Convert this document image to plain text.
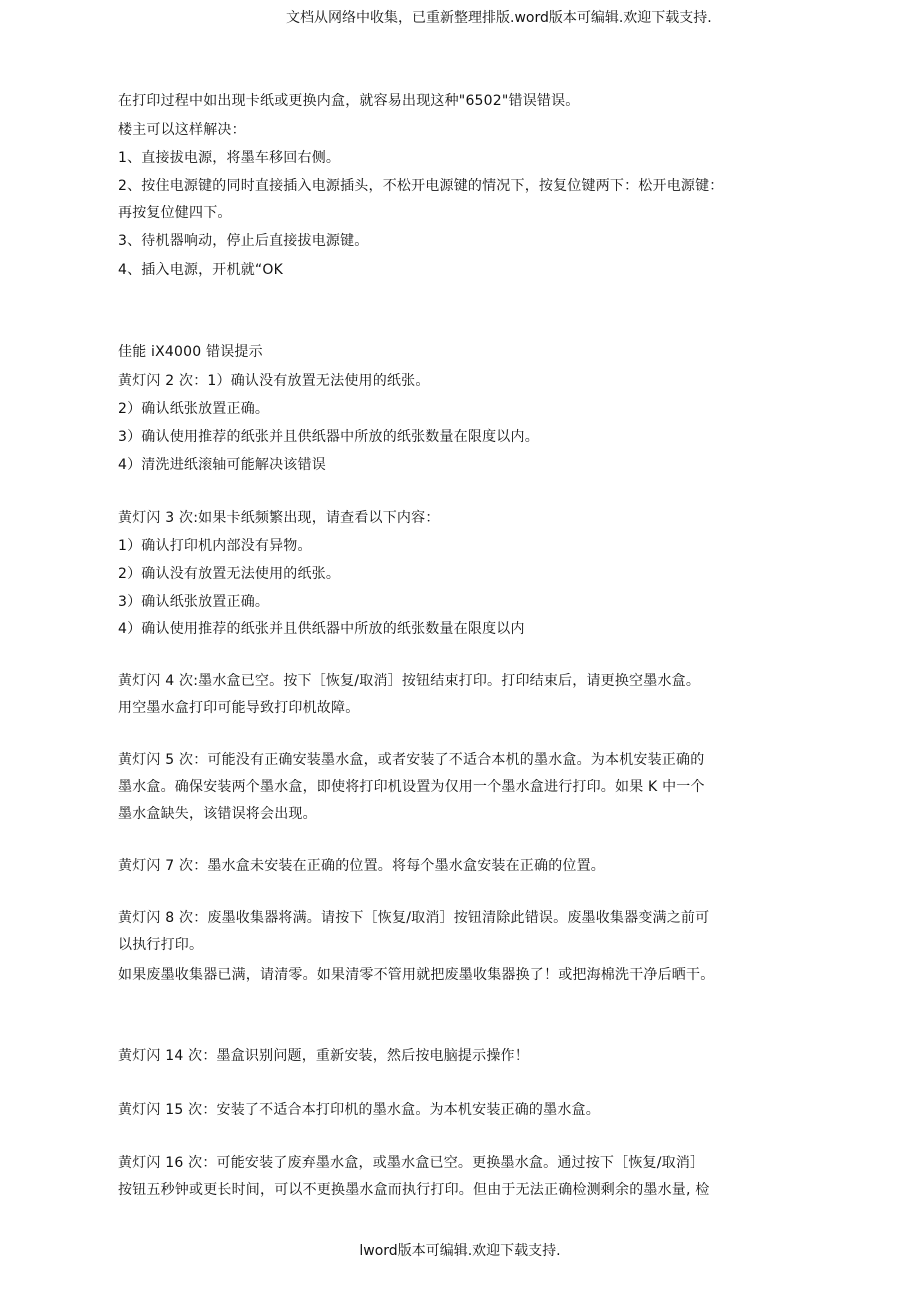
文档从网络中收集，已重新整理排版.word版本可编辑.欢迎下载支持.
在打印过程中如出现卡纸或更换内盒，就容易出现这种"6502"错误错误。
楼主可以这样解决：
1、直接拔电源，将墨车移回右侧。
2、按住电源键的同时直接插入电源插头，不松开电源键的情况下，按复位键两下：松开电源键：
再按复位健四下。
3、待机器响动，停止后直接拔电源键。
4、插入电源，开机就“OK
佳能 iX4000 错误提示
黄灯闪 2 次：1）确认没有放置无法使用的纸张。
2）确认纸张放置正确。
3）确认使用推荐的纸张并且供纸器中所放的纸张数量在限度以内。
4）清洗进纸滚轴可能解决该错误
黄灯闪 3 次:如果卡纸频繁出现，请查看以下内容：
1）确认打印机内部没有异物。
2）确认没有放置无法使用的纸张。
3）确认纸张放置正确。
4）确认使用推荐的纸张并且供纸器中所放的纸张数量在限度以内
黄灯闪 4 次:墨水盒已空。按下［恢复/取消］按钮结束打印。打印结束后，请更换空墨水盒。
用空墨水盒打印可能导致打印机故障。
黄灯闪 5 次：可能没有正确安装墨水盒，或者安装了不适合本机的墨水盒。为本机安装正确的
墨水盒。确保安装两个墨水盒，即使将打印机设置为仅用一个墨水盒进行打印。如果 K 中一个
墨水盒缺失，该错误将会出现。
黄灯闪 7 次：墨水盒未安装在正确的位置。将每个墨水盒安装在正确的位置。
黄灯闪 8 次：废墨收集器将满。请按下［恢复/取消］按钮清除此错误。废墨收集器变满之前可
以执行打印。
如果废墨收集器已满，请清零。如果清零不管用就把废墨收集器换了！或把海棉洗干净后晒干。
黄灯闪 14 次：墨盒识别问题，重新安装，然后按电脑提示操作！
黄灯闪 15 次：安装了不适合本打印机的墨水盒。为本机安装正确的墨水盒。
黄灯闪 16 次：可能安装了废弃墨水盒，或墨水盒已空。更换墨水盒。通过按下［恢复/取消］
按钮五秒钟或更长时间，可以不更换墨水盒而执行打印。但由于无法正确检测剩余的墨水量, 检
lword版本可编辑.欢迎下载支持.
